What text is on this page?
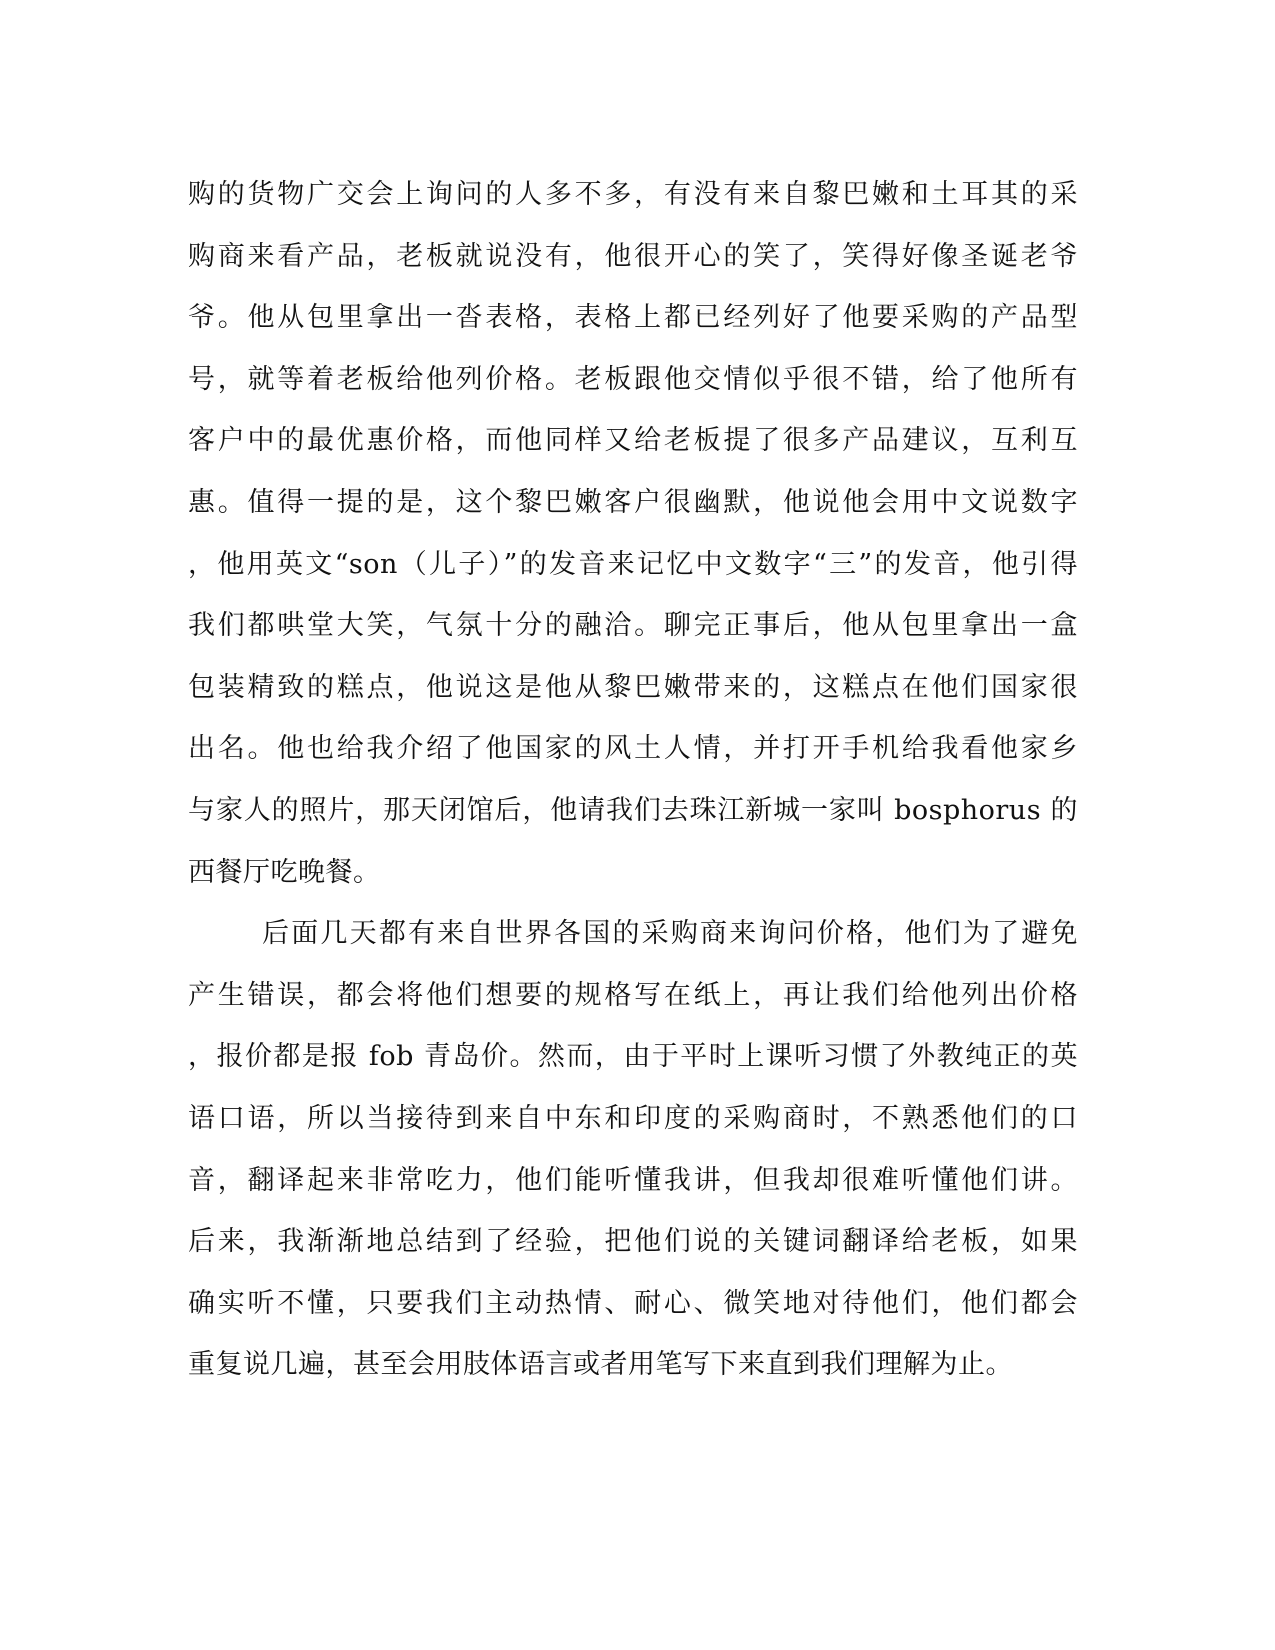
购的货物广交会上询问的人多不多，有没有来自黎巴嫩和土耳其的采
购商来看产品，老板就说没有，他很开心的笑了，笑得好像圣诞老爷
爷。他从包里拿出一沓表格，表格上都已经列好了他要采购的产品型
号，就等着老板给他列价格。老板跟他交情似乎很不错，给了他所有
客户中的最优惠价格，而他同样又给老板提了很多产品建议，互利互
惠。值得一提的是，这个黎巴嫩客户很幽默，他说他会用中文说数字
，他用英文“son（儿子）”的发音来记忆中文数字“三”的发音，他引得
我们都哄堂大笑，气氛十分的融洽。聊完正事后，他从包里拿出一盒
包装精致的糕点，他说这是他从黎巴嫩带来的，这糕点在他们国家很
出名。他也给我介绍了他国家的风土人情，并打开手机给我看他家乡
与家人的照片，那天闭馆后，他请我们去珠江新城一家叫 bosphorus 的
西餐厅吃晚餐。
后面几天都有来自世界各国的采购商来询问价格，他们为了避免
产生错误，都会将他们想要的规格写在纸上，再让我们给他列出价格
，报价都是报 fob 青岛价。然而，由于平时上课听习惯了外教纯正的英
语口语，所以当接待到来自中东和印度的采购商时，不熟悉他们的口
音，翻译起来非常吃力，他们能听懂我讲，但我却很难听懂他们讲。
后来，我渐渐地总结到了经验，把他们说的关键词翻译给老板，如果
确实听不懂，只要我们主动热情、耐心、微笑地对待他们，他们都会
重复说几遍，甚至会用肢体语言或者用笔写下来直到我们理解为止。
